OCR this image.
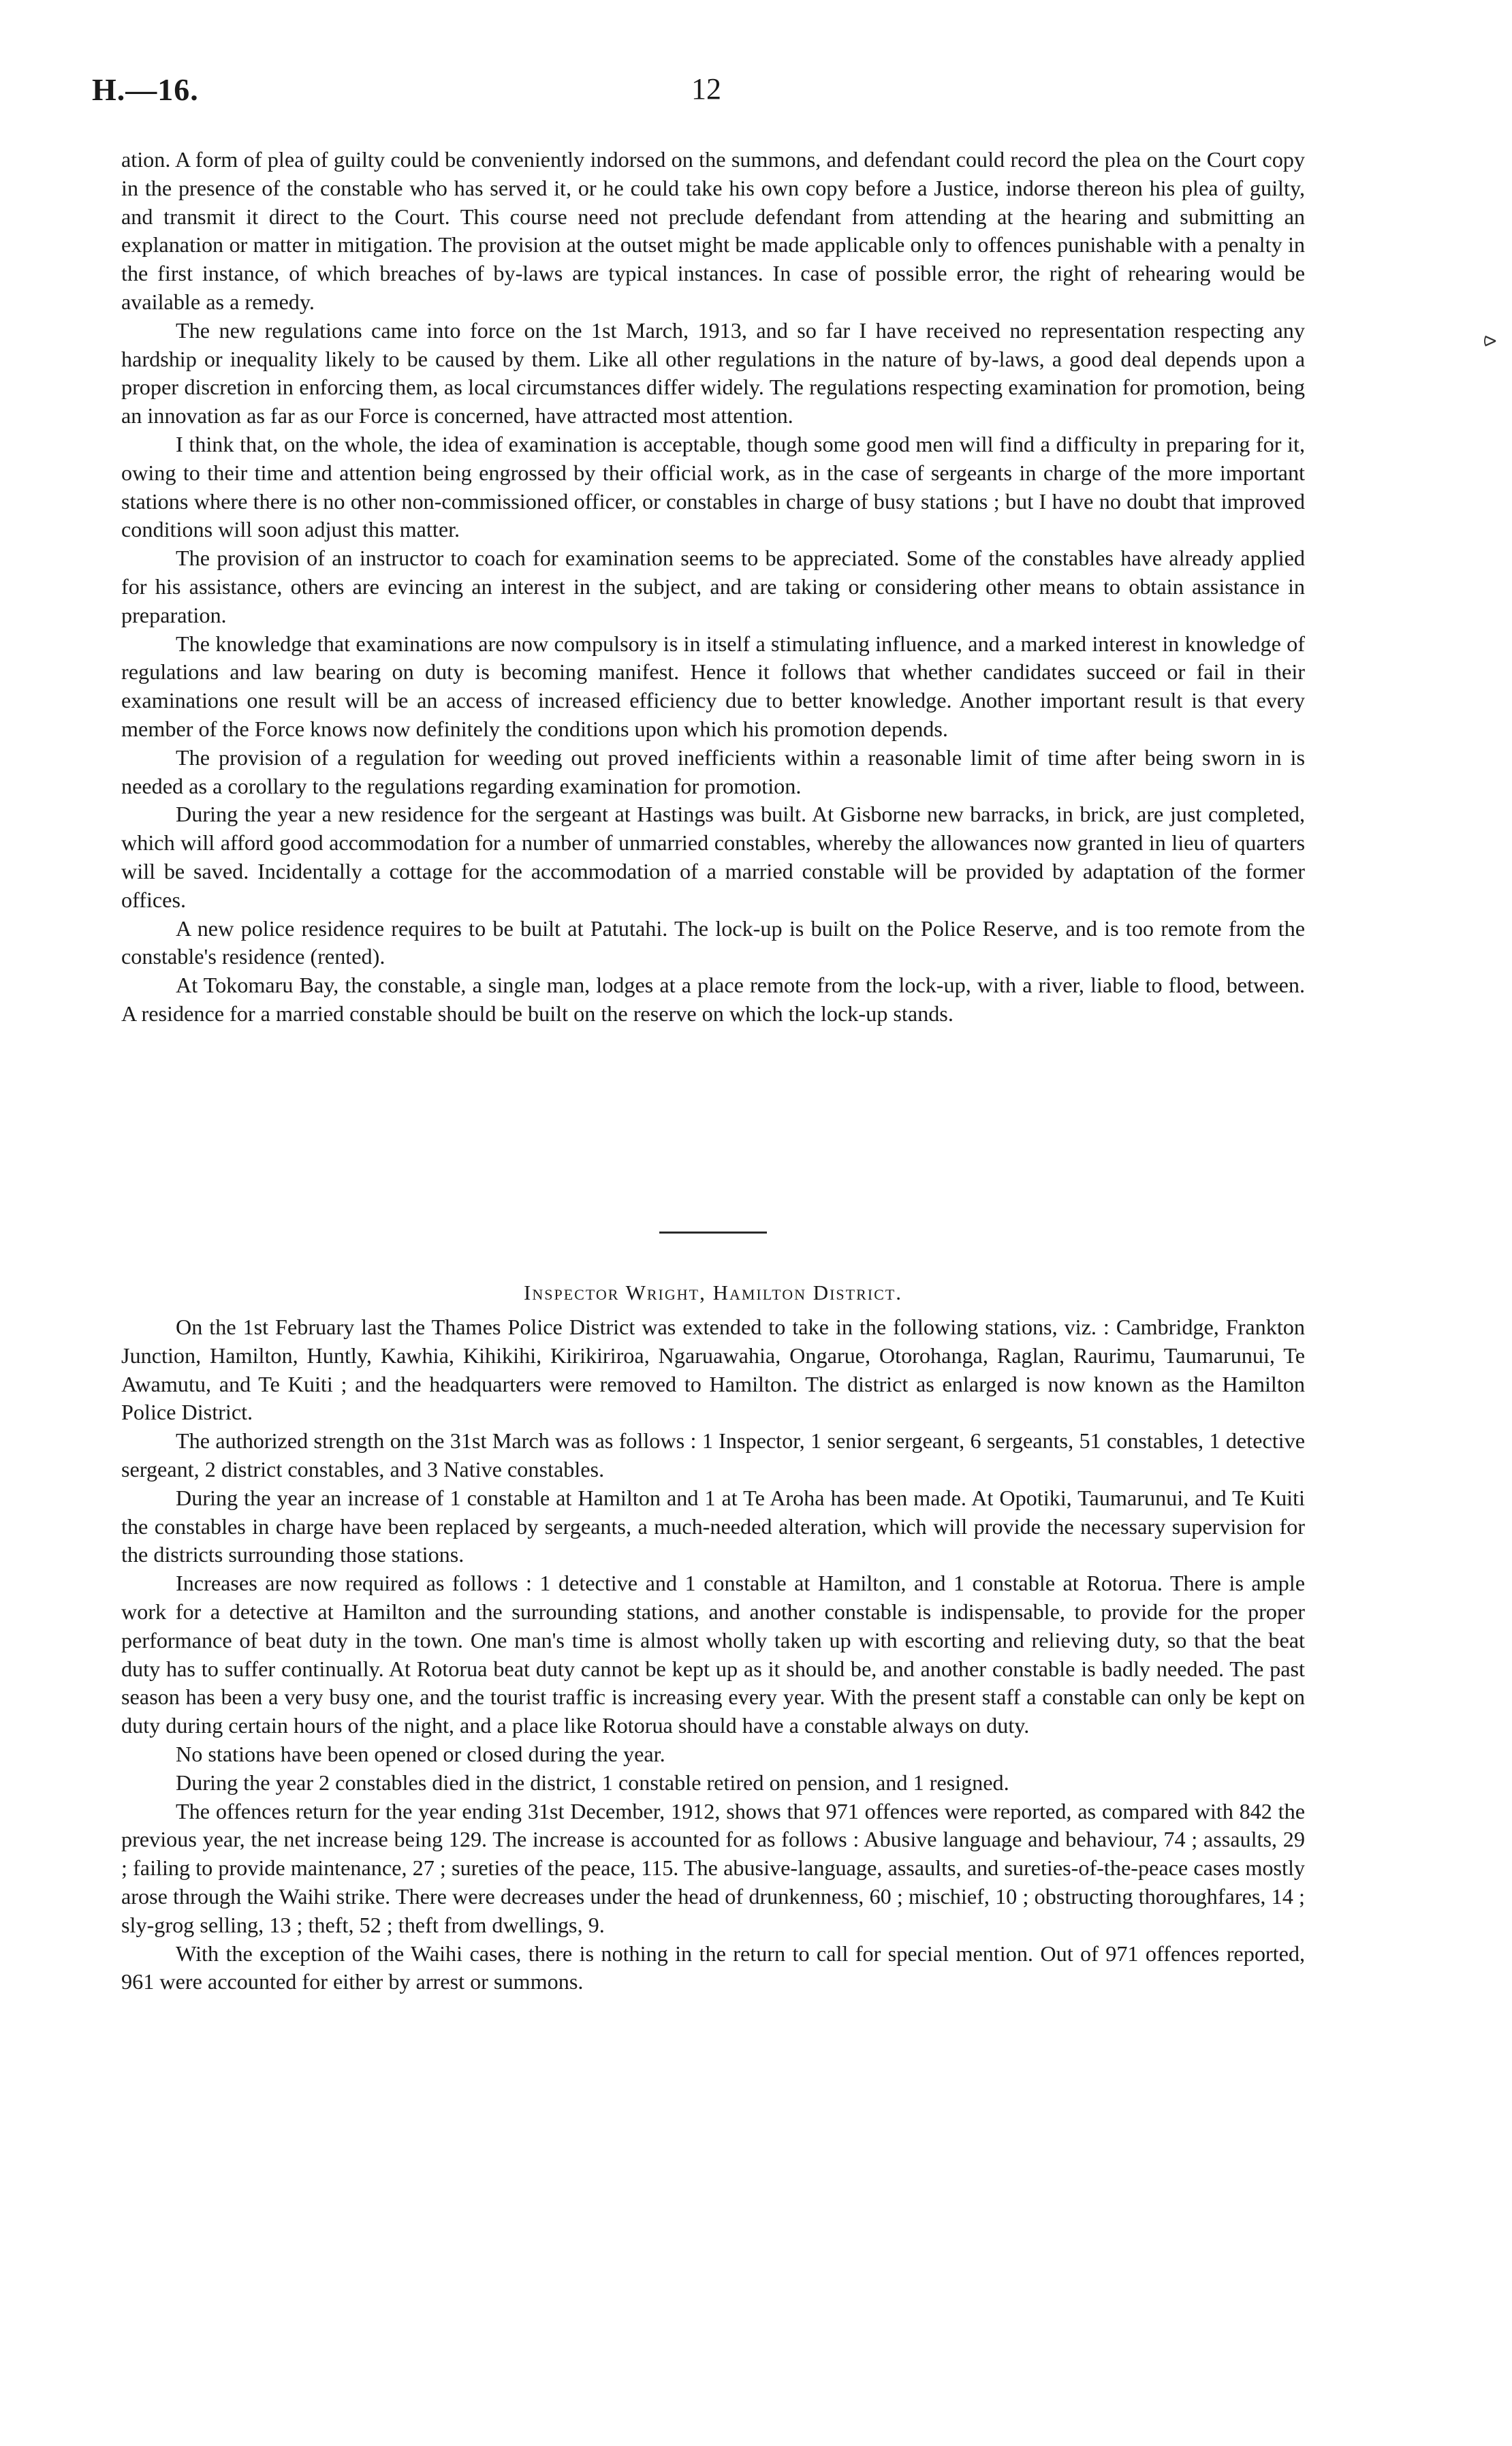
H.—16.	12
⪧

ation. A form of plea of guilty could be conveniently indorsed on the summons, and defendant could record the plea on the Court copy in the presence of the constable who has served it, or he could take his own copy before a Justice, indorse thereon his plea of guilty, and transmit it direct to the Court. This course need not preclude defendant from attending at the hearing and submitting an explanation or matter in mitigation. The provision at the outset might be made applicable only to offences punishable with a penalty in the first instance, of which breaches of by-laws are typical instances. In case of possible error, the right of rehearing would be available as a remedy.

The new regulations came into force on the 1st March, 1913, and so far I have received no representation respecting any hardship or inequality likely to be caused by them. Like all other regulations in the nature of by-laws, a good deal depends upon a proper discretion in enforcing them, as local circumstances differ widely. The regulations respecting examination for promotion, being an innovation as far as our Force is concerned, have attracted most attention.

I think that, on the whole, the idea of examination is acceptable, though some good men will find a difficulty in preparing for it, owing to their time and attention being engrossed by their official work, as in the case of sergeants in charge of the more important stations where there is no other non-commissioned officer, or constables in charge of busy stations ; but I have no doubt that improved conditions will soon adjust this matter.

The provision of an instructor to coach for examination seems to be appreciated. Some of the constables have already applied for his assistance, others are evincing an interest in the subject, and are taking or considering other means to obtain assistance in preparation.

The knowledge that examinations are now compulsory is in itself a stimulating influence, and a marked interest in knowledge of regulations and law bearing on duty is becoming manifest. Hence it follows that whether candidates succeed or fail in their examinations one result will be an access of increased efficiency due to better knowledge. Another important result is that every member of the Force knows now definitely the conditions upon which his promotion depends.

The provision of a regulation for weeding out proved inefficients within a reasonable limit of time after being sworn in is needed as a corollary to the regulations regarding examination for promotion.

During the year a new residence for the sergeant at Hastings was built. At Gisborne new barracks, in brick, are just completed, which will afford good accommodation for a number of unmarried constables, whereby the allowances now granted in lieu of quarters will be saved. Incidentally a cottage for the accommodation of a married constable will be provided by adaptation of the former offices.

A new police residence requires to be built at Patutahi. The lock-up is built on the Police Reserve, and is too remote from the constable's residence (rented).

At Tokomaru Bay, the constable, a single man, lodges at a place remote from the lock-up, with a river, liable to flood, between. A residence for a married constable should be built on the reserve on which the lock-up stands.

Inspector Wright, Hamilton District.

On the 1st February last the Thames Police District was extended to take in the following stations, viz. : Cambridge, Frankton Junction, Hamilton, Huntly, Kawhia, Kihikihi, Kirikiriroa, Ngaruawahia, Ongarue, Otorohanga, Raglan, Raurimu, Taumarunui, Te Awamutu, and Te Kuiti ; and the headquarters were removed to Hamilton. The district as enlarged is now known as the Hamilton Police District.

The authorized strength on the 31st March was as follows : 1 Inspector, 1 senior sergeant, 6 sergeants, 51 constables, 1 detective sergeant, 2 district constables, and 3 Native constables.

During the year an increase of 1 constable at Hamilton and 1 at Te Aroha has been made. At Opotiki, Taumarunui, and Te Kuiti the constables in charge have been replaced by sergeants, a much-needed alteration, which will provide the necessary supervision for the districts surrounding those stations.

Increases are now required as follows : 1 detective and 1 constable at Hamilton, and 1 constable at Rotorua. There is ample work for a detective at Hamilton and the surrounding stations, and another constable is indispensable, to provide for the proper performance of beat duty in the town. One man's time is almost wholly taken up with escorting and relieving duty, so that the beat duty has to suffer continually. At Rotorua beat duty cannot be kept up as it should be, and another constable is badly needed. The past season has been a very busy one, and the tourist traffic is increasing every year. With the present staff a constable can only be kept on duty during certain hours of the night, and a place like Rotorua should have a constable always on duty.

No stations have been opened or closed during the year.

During the year 2 constables died in the district, 1 constable retired on pension, and 1 resigned.

The offences return for the year ending 31st December, 1912, shows that 971 offences were reported, as compared with 842 the previous year, the net increase being 129. The increase is accounted for as follows : Abusive language and behaviour, 74 ; assaults, 29 ; failing to provide maintenance, 27 ; sureties of the peace, 115. The abusive-language, assaults, and sureties-of-the-peace cases mostly arose through the Waihi strike. There were decreases under the head of drunkenness, 60 ; mischief, 10 ; obstructing thoroughfares, 14 ; sly-grog selling, 13 ; theft, 52 ; theft from dwellings, 9.

With the exception of the Waihi cases, there is nothing in the return to call for special mention. Out of 971 offences reported, 961 were accounted for either by arrest or summons.
